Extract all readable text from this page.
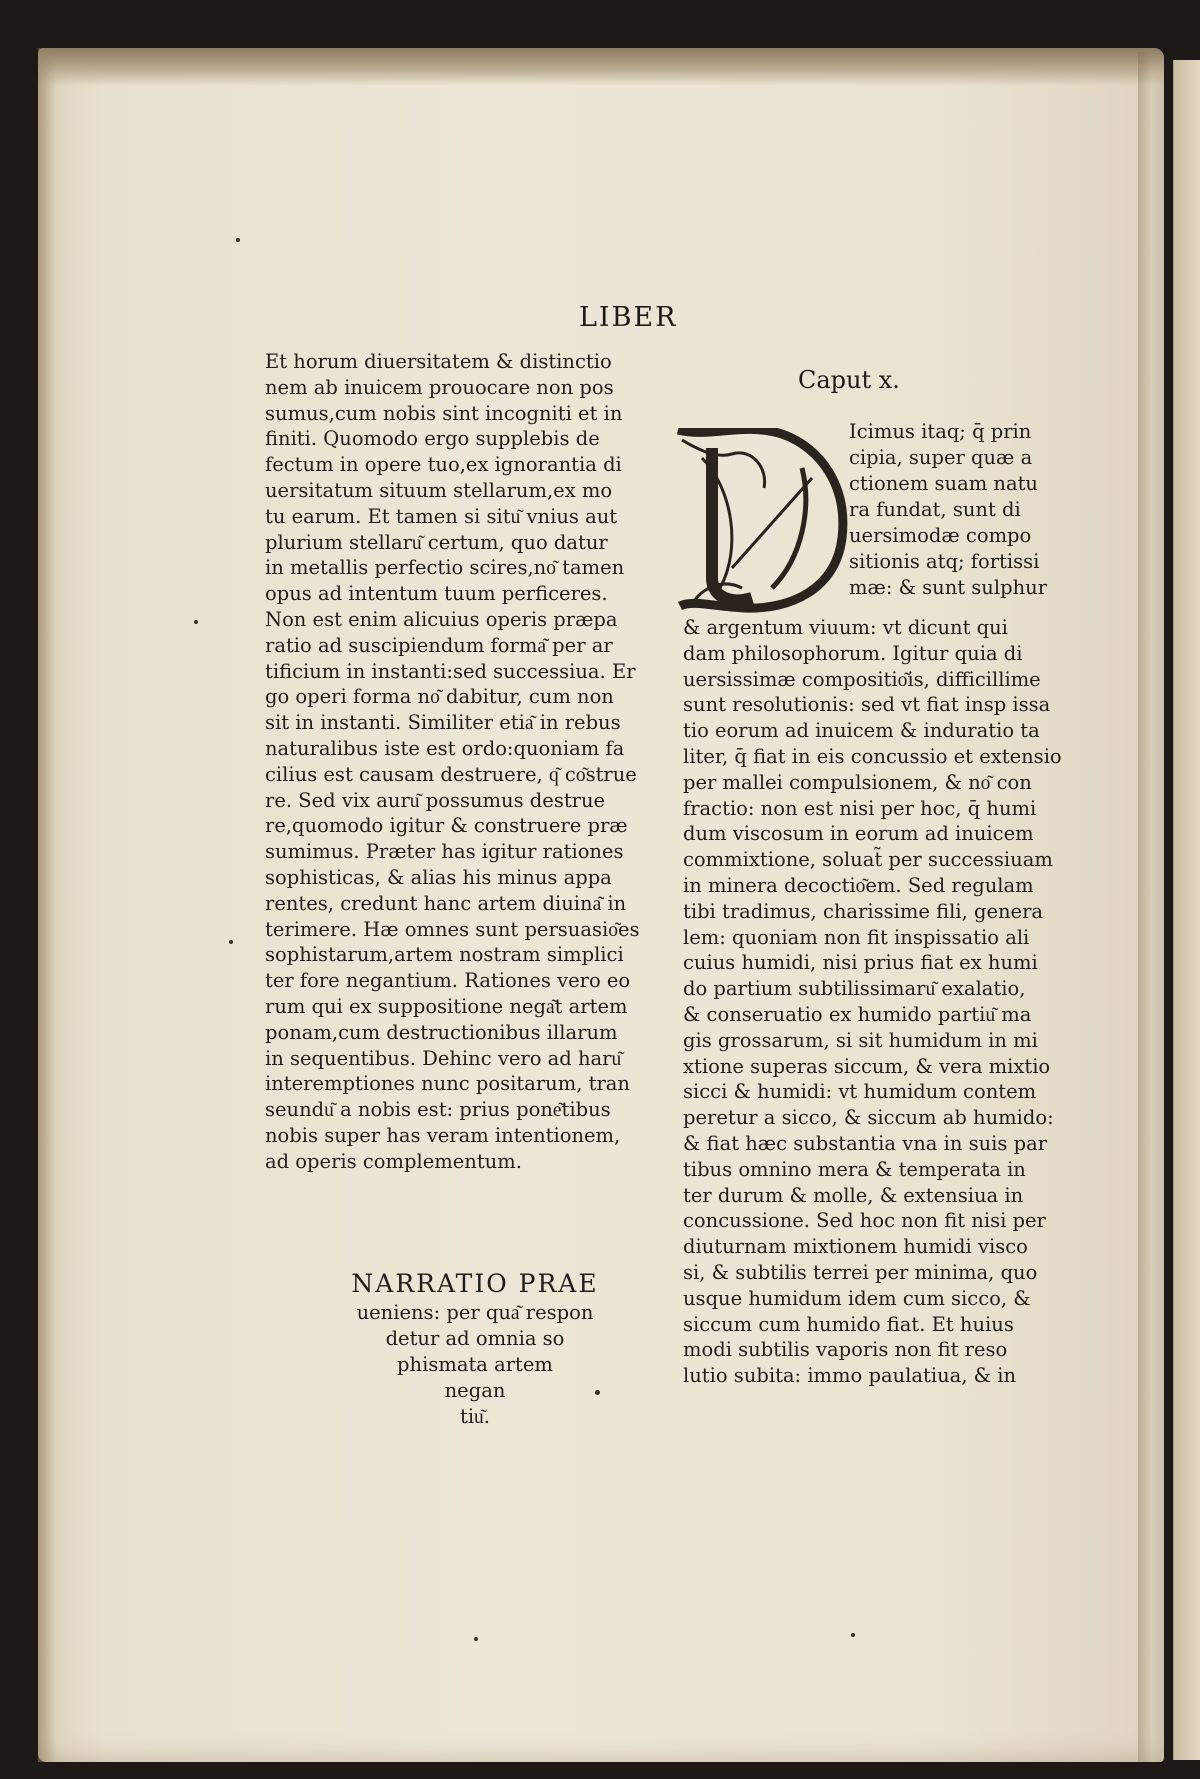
LIBER
Et horum diuersitatem & distinctio
nem ab inuicem prouocare non pos
sumus,cum nobis sint incogniti et in
finiti. Quomodo ergo supplebis de
fectum in opere tuo,ex ignorantia di
uersitatum situum stellarum,ex mo
tu earum. Et tamen si situ͂ vnius aut
plurium stellaru͂ certum, quo datur
in metallis perfectio scires,no͂ tamen
opus ad intentum tuum perficeres.
Non est enim alicuius operis præpa
ratio ad suscipiendum forma͂ per ar
tificium in instanti:sed successiua. Er
go operi forma no͂ dabitur, cum non
sit in instanti. Similiter etia͂ in rebus
naturalibus iste est ordo:quoniam fa
cilius est causam destruere, q͂ co͂strue
re. Sed vix auru͂ possumus destrue
re,quomodo igitur & construere præ
sumimus. Præter has igitur rationes
sophisticas, & alias his minus appa
rentes, credunt hanc artem diuina͂ in
terimere. Hæ omnes sunt persuasio͂es
sophistarum,artem nostram simplici
ter fore negantium. Rationes vero eo
rum qui ex suppositione nega͂t artem
ponam,cum destructionibus illarum
in sequentibus. Dehinc vero ad haru͂
interemptiones nunc positarum, tran
seundu͂ a nobis est: prius pone͂tibus
nobis super has veram intentionem,
ad operis complementum.
NARRATIO PRAE
ueniens: per qua͂ respon
detur ad omnia so
phismata artem
negan
tiu͂.
Caput x.
Icimus itaq; q̄ prin
cipia, super quæ a
ctionem suam natu
ra fundat, sunt di
uersimodæ compo
sitionis atq; fortissi
mæ: & sunt sulphur
& argentum viuum: vt dicunt qui
dam philosophorum. Igitur quia di
uersissimæ compositio͂is, difficillime
sunt resolutionis: sed vt fiat insp issa
tio eorum ad inuicem & induratio ta
liter, q̄ fiat in eis concussio et extensio
per mallei compulsionem, & no͂ con
fractio: non est nisi per hoc, q̄ humi
dum viscosum in eorum ad inuicem
commixtione, soluat̃ per successiuam
in minera decoctio͂em. Sed regulam
tibi tradimus, charissime fili, genera
lem: quoniam non fit inspissatio ali
cuius humidi, nisi prius fiat ex humi
do partium subtilissimaru͂ exalatio,
& conseruatio ex humido partiu͂ ma
gis grossarum, si sit humidum in mi
xtione superas siccum, & vera mixtio
sicci & humidi: vt humidum contem
peretur a sicco, & siccum ab humido:
& fiat hæc substantia vna in suis par
tibus omnino mera & temperata in
ter durum & molle, & extensiua in
concussione. Sed hoc non fit nisi per
diuturnam mixtionem humidi visco
si, & subtilis terrei per minima, quo
usque humidum idem cum sicco, &
siccum cum humido fiat. Et huius
modi subtilis vaporis non fit reso
lutio subita: immo paulatiua, & in
